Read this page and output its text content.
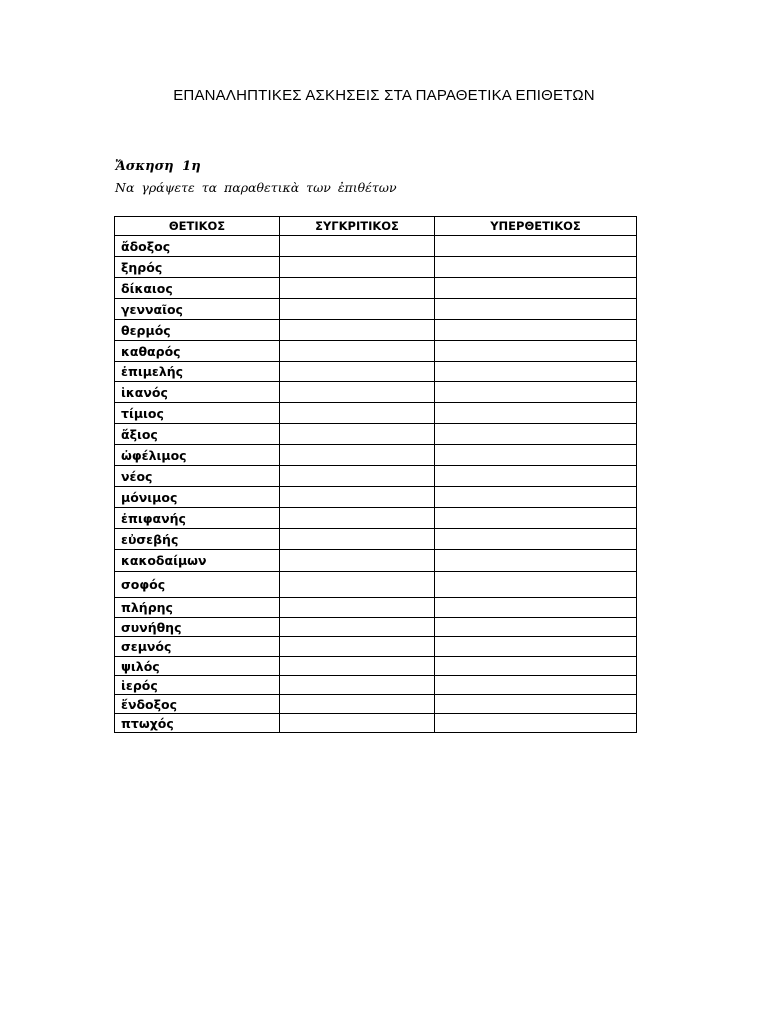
ΕΠΑΝΑΛΗΠΤΙΚΕΣ ΑΣΚΗΣΕΙΣ ΣΤΑ ΠΑΡΑΘΕΤΙΚΑ ΕΠΙΘΕΤΩΝ
Ἄσκηση 1η
Να γράψετε τα παραθετικὰ των ἐπιθέτων
ΘΕΤΙΚΟΣ	ΣΥΓΚΡΙΤΙΚΟΣ	ΥΠΕΡΘΕΤΙΚΟΣ
ἄδοξος		
ξηρός		
δίκαιος		
γενναῖος		
θερμός		
καθαρός		
ἐπιμελής		
ἱκανός		
τίμιος		
ἄξιος		
ὠφέλιμος		
νέος		
μόνιμος		
ἐπιφανής		
εὐσεβής		
κακοδαίμων		
σοφός		
πλήρης		
συνήθης		
σεμνός		
ψιλός		
ἱερός		
ἔνδοξος		
πτωχός		
